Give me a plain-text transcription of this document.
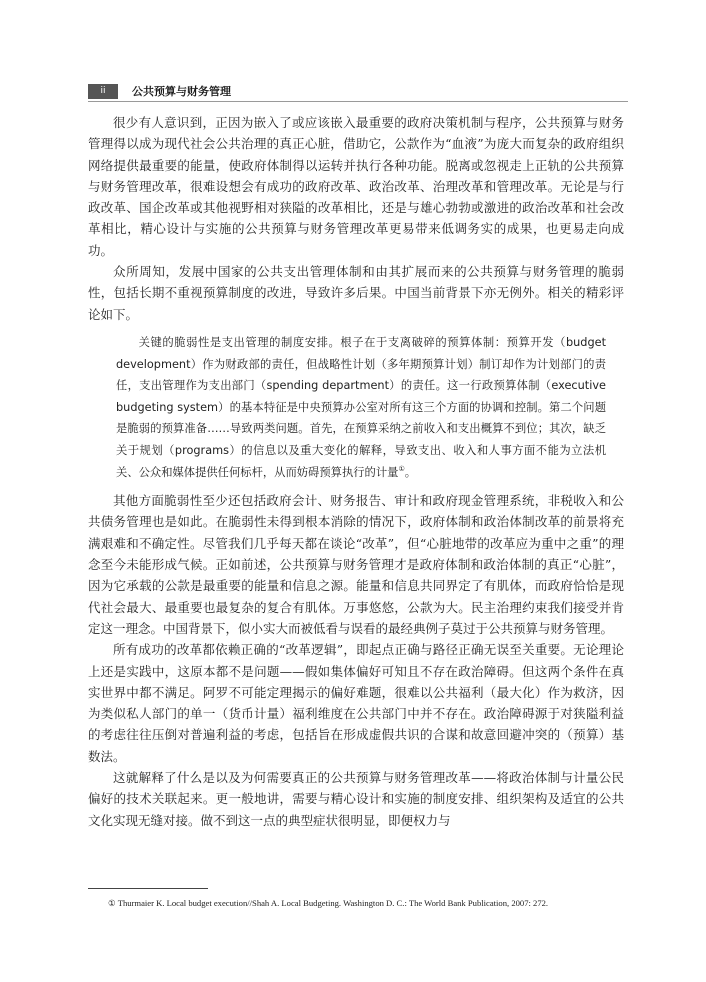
ii	公共预算与财务管理

很少有人意识到，正因为嵌入了或应该嵌入最重要的政府决策机制与程序，公共预算与财务管理得以成为现代社会公共治理的真正心脏，借助它，公款作为“血液”为庞大而复杂的政府组织网络提供最重要的能量，使政府体制得以运转并执行各种功能。脱离或忽视走上正轨的公共预算与财务管理改革，很难设想会有成功的政府改革、政治改革、治理改革和管理改革。无论是与行政改革、国企改革或其他视野相对狭隘的改革相比，还是与雄心勃勃或激进的政治改革和社会改革相比，精心设计与实施的公共预算与财务管理改革更易带来低调务实的成果，也更易走向成功。

众所周知，发展中国家的公共支出管理体制和由其扩展而来的公共预算与财务管理的脆弱性，包括长期不重视预算制度的改进，导致许多后果。中国当前背景下亦无例外。相关的精彩评论如下。

关键的脆弱性是支出管理的制度安排。根子在于支离破碎的预算体制：预算开发（budget development）作为财政部的责任，但战略性计划（多年期预算计划）制订却作为计划部门的责任，支出管理作为支出部门（spending department）的责任。这一行政预算体制（executive budgeting system）的基本特征是中央预算办公室对所有这三个方面的协调和控制。第二个问题是脆弱的预算准备……导致两类问题。首先，在预算采纳之前收入和支出概算不到位；其次，缺乏关于规划（programs）的信息以及重大变化的解释，导致支出、收入和人事方面不能为立法机关、公众和媒体提供任何标杆，从而妨碍预算执行的计量①。

其他方面脆弱性至少还包括政府会计、财务报告、审计和政府现金管理系统，非税收入和公共债务管理也是如此。在脆弱性未得到根本消除的情况下，政府体制和政治体制改革的前景将充满艰难和不确定性。尽管我们几乎每天都在谈论“改革”，但“心脏地带的改革应为重中之重”的理念至今未能形成气候。正如前述，公共预算与财务管理才是政府体制和政治体制的真正“心脏”，因为它承载的公款是最重要的能量和信息之源。能量和信息共同界定了有肌体，而政府恰恰是现代社会最大、最重要也最复杂的复合有肌体。万事悠悠，公款为大。民主治理约束我们接受并肯定这一理念。中国背景下，似小实大而被低看与误看的最经典例子莫过于公共预算与财务管理。

所有成功的改革都依赖正确的“改革逻辑”，即起点正确与路径正确无误至关重要。无论理论上还是实践中，这原本都不是问题——假如集体偏好可知且不存在政治障碍。但这两个条件在真实世界中都不满足。阿罗不可能定理揭示的偏好难题，很难以公共福利（最大化）作为救济，因为类似私人部门的单一（货币计量）福利维度在公共部门中并不存在。政治障碍源于对狭隘利益的考虑往往压倒对普遍利益的考虑，包括旨在形成虚假共识的合谋和故意回避冲突的（预算）基数法。

这就解释了什么是以及为何需要真正的公共预算与财务管理改革——将政治体制与计量公民偏好的技术关联起来。更一般地讲，需要与精心设计和实施的制度安排、组织架构及适宜的公共文化实现无缝对接。做不到这一点的典型症状很明显，即便权力与

① Thurmaier K. Local budget execution//Shah A. Local Budgeting. Washington D. C.: The World Bank Publication, 2007: 272.
